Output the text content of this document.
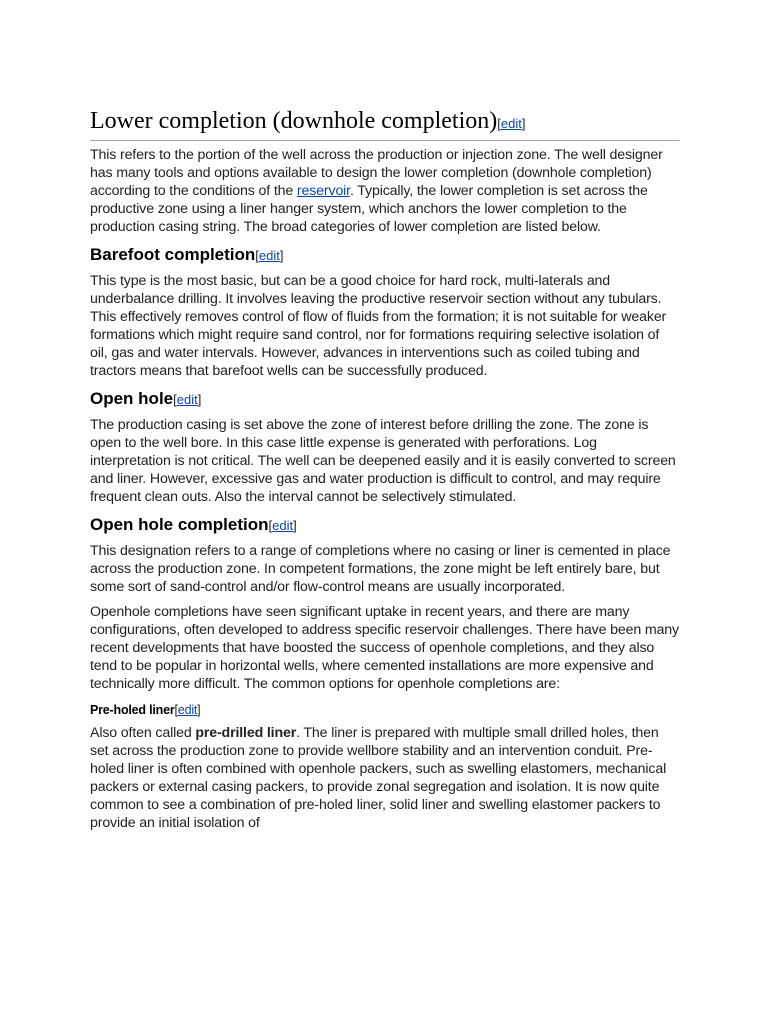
Lower completion (downhole completion)[edit]

This refers to the portion of the well across the production or injection zone. The well designer has many tools and options available to design the lower completion (downhole completion) according to the conditions of the reservoir. Typically, the lower completion is set across the productive zone using a liner hanger system, which anchors the lower completion to the production casing string. The broad categories of lower completion are listed below.

Barefoot completion[edit]

This type is the most basic, but can be a good choice for hard rock, multi-laterals and underbalance drilling. It involves leaving the productive reservoir section without any tubulars. This effectively removes control of flow of fluids from the formation; it is not suitable for weaker formations which might require sand control, nor for formations requiring selective isolation of oil, gas and water intervals. However, advances in interventions such as coiled tubing and tractors means that barefoot wells can be successfully produced.

Open hole[edit]

The production casing is set above the zone of interest before drilling the zone. The zone is open to the well bore. In this case little expense is generated with perforations. Log interpretation is not critical. The well can be deepened easily and it is easily converted to screen and liner. However, excessive gas and water production is difficult to control, and may require frequent clean outs. Also the interval cannot be selectively stimulated.

Open hole completion[edit]

This designation refers to a range of completions where no casing or liner is cemented in place across the production zone. In competent formations, the zone might be left entirely bare, but some sort of sand-control and/or flow-control means are usually incorporated.

Openhole completions have seen significant uptake in recent years, and there are many configurations, often developed to address specific reservoir challenges. There have been many recent developments that have boosted the success of openhole completions, and they also tend to be popular in horizontal wells, where cemented installations are more expensive and technically more difficult. The common options for openhole completions are:

Pre-holed liner[edit]

Also often called pre-drilled liner. The liner is prepared with multiple small drilled holes, then set across the production zone to provide wellbore stability and an intervention conduit. Pre-holed liner is often combined with openhole packers, such as swelling elastomers, mechanical packers or external casing packers, to provide zonal segregation and isolation. It is now quite common to see a combination of pre-holed liner, solid liner and swelling elastomer packers to provide an initial isolation of
